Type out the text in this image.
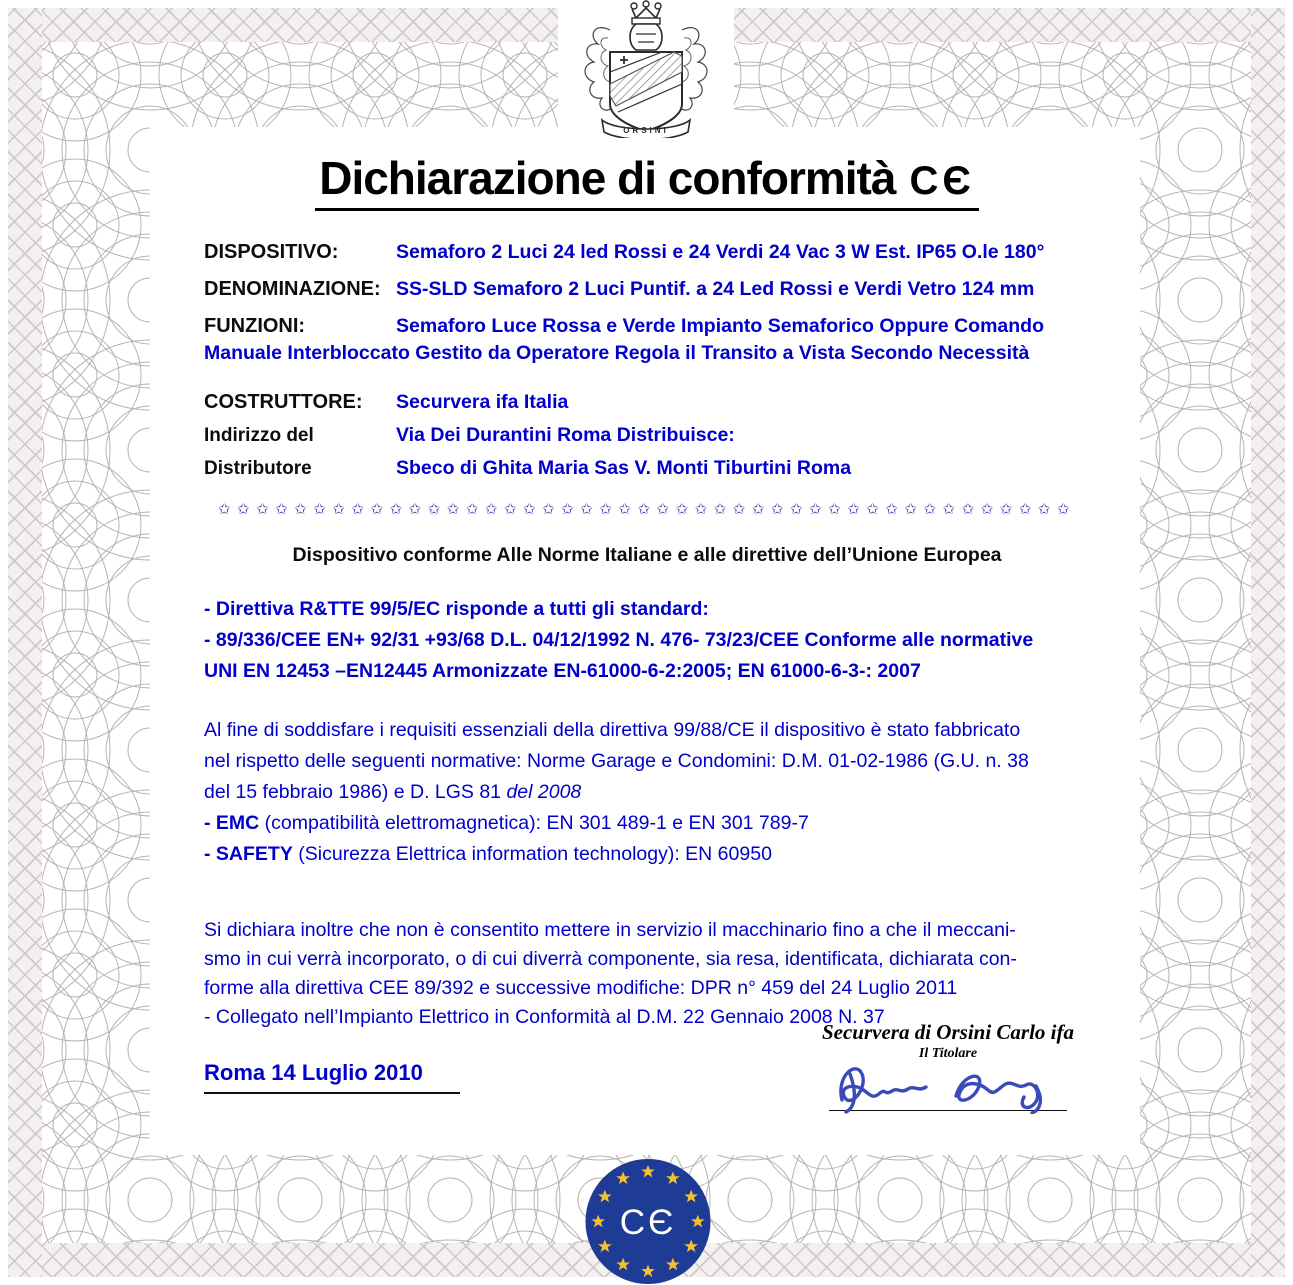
Dichiarazione di conformità CЄ
DISPOSITIVO:	Semaforo 2 Luci 24 led Rossi e 24 Verdi 24 Vac 3 W Est. IP65 O.le 180°
DENOMINAZIONE: SS-SLD Semaforo 2 Luci Puntif. a 24 Led Rossi e Verdi Vetro 124 mm
FUNZIONI:	Semaforo Luce Rossa e Verde Impianto Semaforico Oppure Comando
Manuale Interbloccato Gestito da Operatore Regola il Transito a Vista Secondo Necessità
COSTRUTTORE:	Securvera ifa Italia
Indirizzo del	Via Dei Durantini Roma Distribuisce:
Distributore	Sbeco di Ghita Maria Sas V. Monti Tiburtini Roma
✩✩✩✩✩✩✩✩✩✩✩✩✩✩✩✩✩✩✩✩✩✩✩✩✩✩✩✩✩✩✩✩✩✩✩✩✩✩✩✩✩✩✩✩✩
Dispositivo conforme Alle Norme Italiane e alle direttive dell’Unione Europea
- Direttiva R&TTE 99/5/EC risponde a tutti gli standard:
- 89/336/CEE EN+ 92/31 +93/68 D.L. 04/12/1992 N. 476- 73/23/CEE Conforme alle normative
UNI EN 12453 –EN12445 Armonizzate EN-61000-6-2:2005; EN 61000-6-3-: 2007
Al fine di soddisfare i requisiti essenziali della direttiva 99/88/CE il dispositivo è stato fabbricato
nel rispetto delle seguenti normative: Norme Garage e Condomini: D.M. 01-02-1986 (G.U. n. 38
del 15 febbraio 1986) e D. LGS 81 del 2008
- EMC (compatibilità elettromagnetica): EN 301 489-1 e EN 301 789-7
- SAFETY (Sicurezza Elettrica information technology): EN 60950
Si dichiara inoltre che non è consentito mettere in servizio il macchinario fino a che il meccani-
smo in cui verrà incorporato, o di cui diverrà componente, sia resa, identificata, dichiarata con-
forme alla direttiva CEE 89/392 e successive modifiche: DPR n° 459 del 24 Luglio 2011
- Collegato nell’Impianto Elettrico in Conformità al D.M. 22 Gennaio 2008 N. 37
Roma 14 Luglio 2010
Securvera di Orsini Carlo ifa
Il Titolare
ORSINI
CЄ
